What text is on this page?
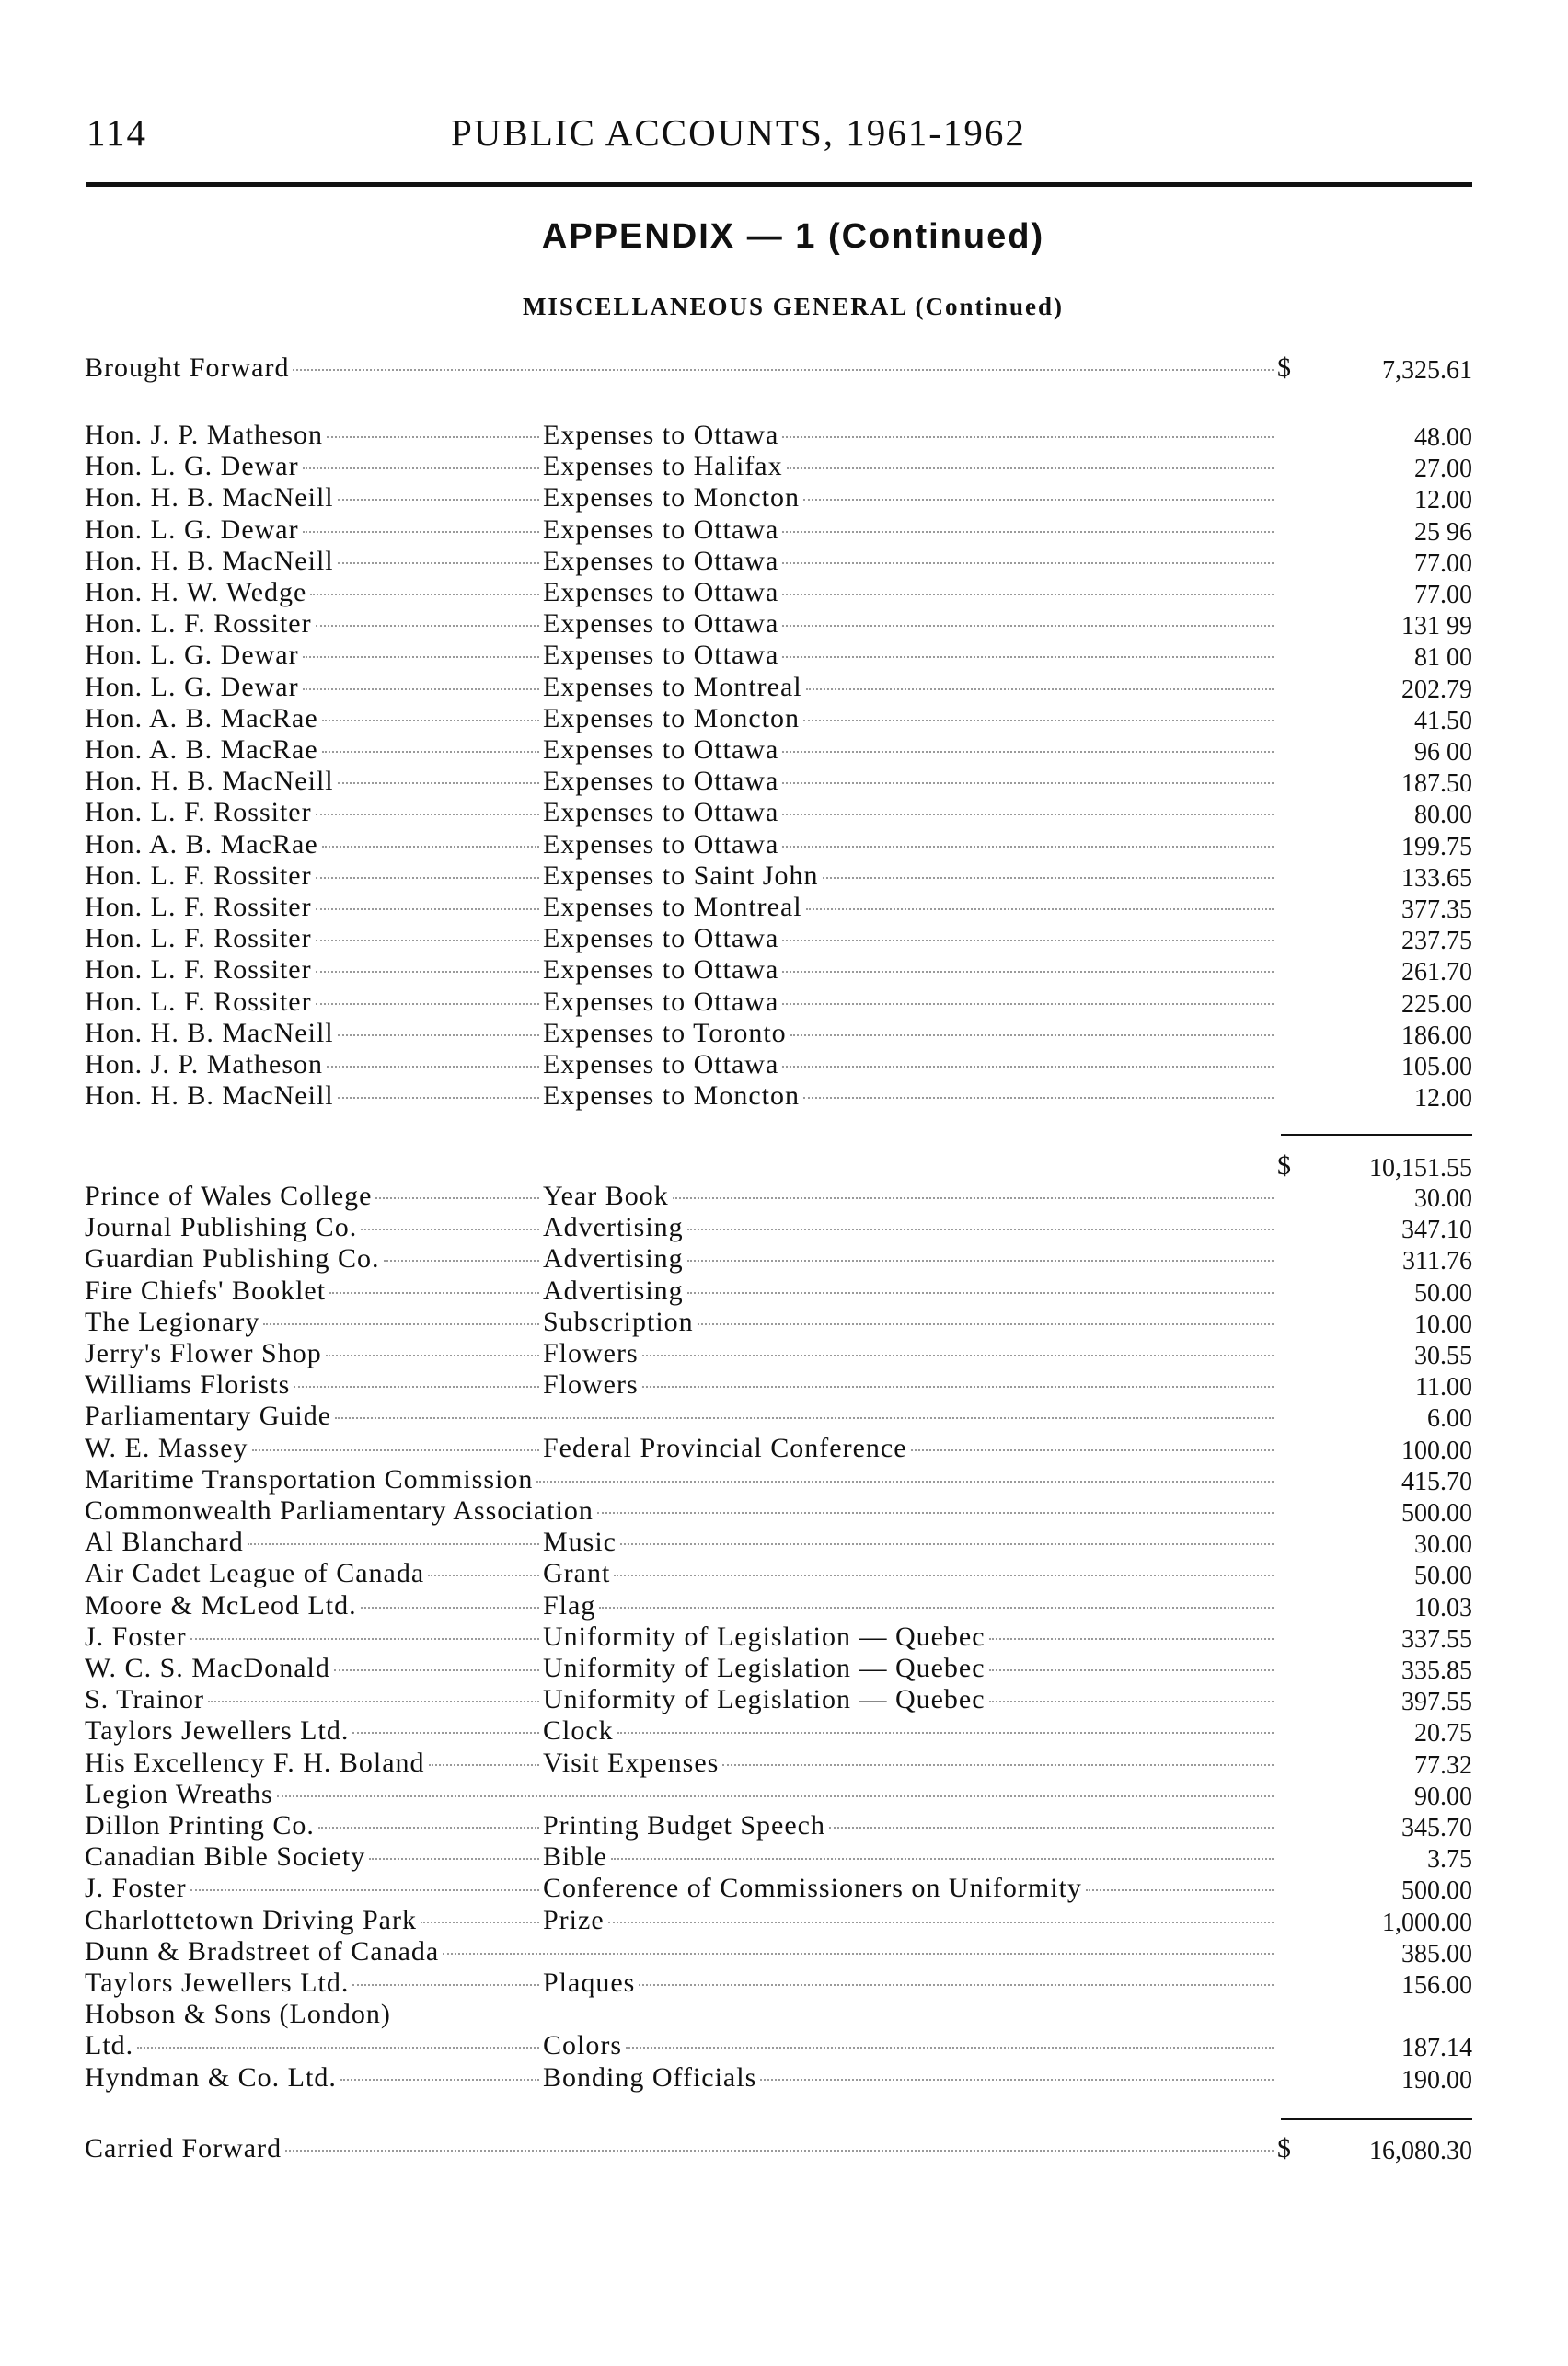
114	PUBLIC ACCOUNTS, 1961-1962
APPENDIX — 1 (Continued)
MISCELLANEOUS GENERAL (Continued)
Brought Forward	$	7,325.61
Hon. J. P. Matheson	Expenses to Ottawa	48.00
Hon. L. G. Dewar	Expenses to Halifax	27.00
Hon. H. B. MacNeill	Expenses to Moncton	12.00
Hon. L. G. Dewar	Expenses to Ottawa	25 96
Hon. H. B. MacNeill	Expenses to Ottawa	77.00
Hon. H. W. Wedge	Expenses to Ottawa	77.00
Hon. L. F. Rossiter	Expenses to Ottawa	131 99
Hon. L. G. Dewar	Expenses to Ottawa	81 00
Hon. L. G. Dewar	Expenses to Montreal	202.79
Hon. A. B. MacRae	Expenses to Moncton	41.50
Hon. A. B. MacRae	Expenses to Ottawa	96 00
Hon. H. B. MacNeill	Expenses to Ottawa	187.50
Hon. L. F. Rossiter	Expenses to Ottawa	80.00
Hon. A. B. MacRae	Expenses to Ottawa	199.75
Hon. L. F. Rossiter	Expenses to Saint John	133.65
Hon. L. F. Rossiter	Expenses to Montreal	377.35
Hon. L. F. Rossiter	Expenses to Ottawa	237.75
Hon. L. F. Rossiter	Expenses to Ottawa	261.70
Hon. L. F. Rossiter	Expenses to Ottawa	225.00
Hon. H. B. MacNeill	Expenses to Toronto	186.00
Hon. J. P. Matheson	Expenses to Ottawa	105.00
Hon. H. B. MacNeill	Expenses to Moncton	12.00
$	10,151.55
Prince of Wales College	Year Book	30.00
Journal Publishing Co.	Advertising	347.10
Guardian Publishing Co.	Advertising	311.76
Fire Chiefs' Booklet	Advertising	50.00
The Legionary	Subscription	10.00
Jerry's Flower Shop	Flowers	30.55
Williams Florists	Flowers	11.00
Parliamentary Guide	6.00
W. E. Massey	Federal Provincial Conference	100.00
Maritime Transportation Commission	415.70
Commonwealth Parliamentary Association	500.00
Al Blanchard	Music	30.00
Air Cadet League of Canada	Grant	50.00
Moore & McLeod Ltd.	Flag	10.03
J. Foster	Uniformity of Legislation — Quebec	337.55
W. C. S. MacDonald	Uniformity of Legislation — Quebec	335.85
S. Trainor	Uniformity of Legislation — Quebec	397.55
Taylors Jewellers Ltd.	Clock	20.75
His Excellency F. H. Boland	Visit Expenses	77.32
Legion Wreaths	90.00
Dillon Printing Co.	Printing Budget Speech	345.70
Canadian Bible Society	Bible	3.75
J. Foster	Conference of Commissioners on Uniformity	500.00
Charlottetown Driving Park	Prize	1,000.00
Dunn & Bradstreet of Canada	385.00
Taylors Jewellers Ltd.	Plaques	156.00
Hobson & Sons (London)
Ltd.	Colors	187.14
Hyndman & Co. Ltd.	Bonding Officials	190.00
Carried Forward	$	16,080.30
